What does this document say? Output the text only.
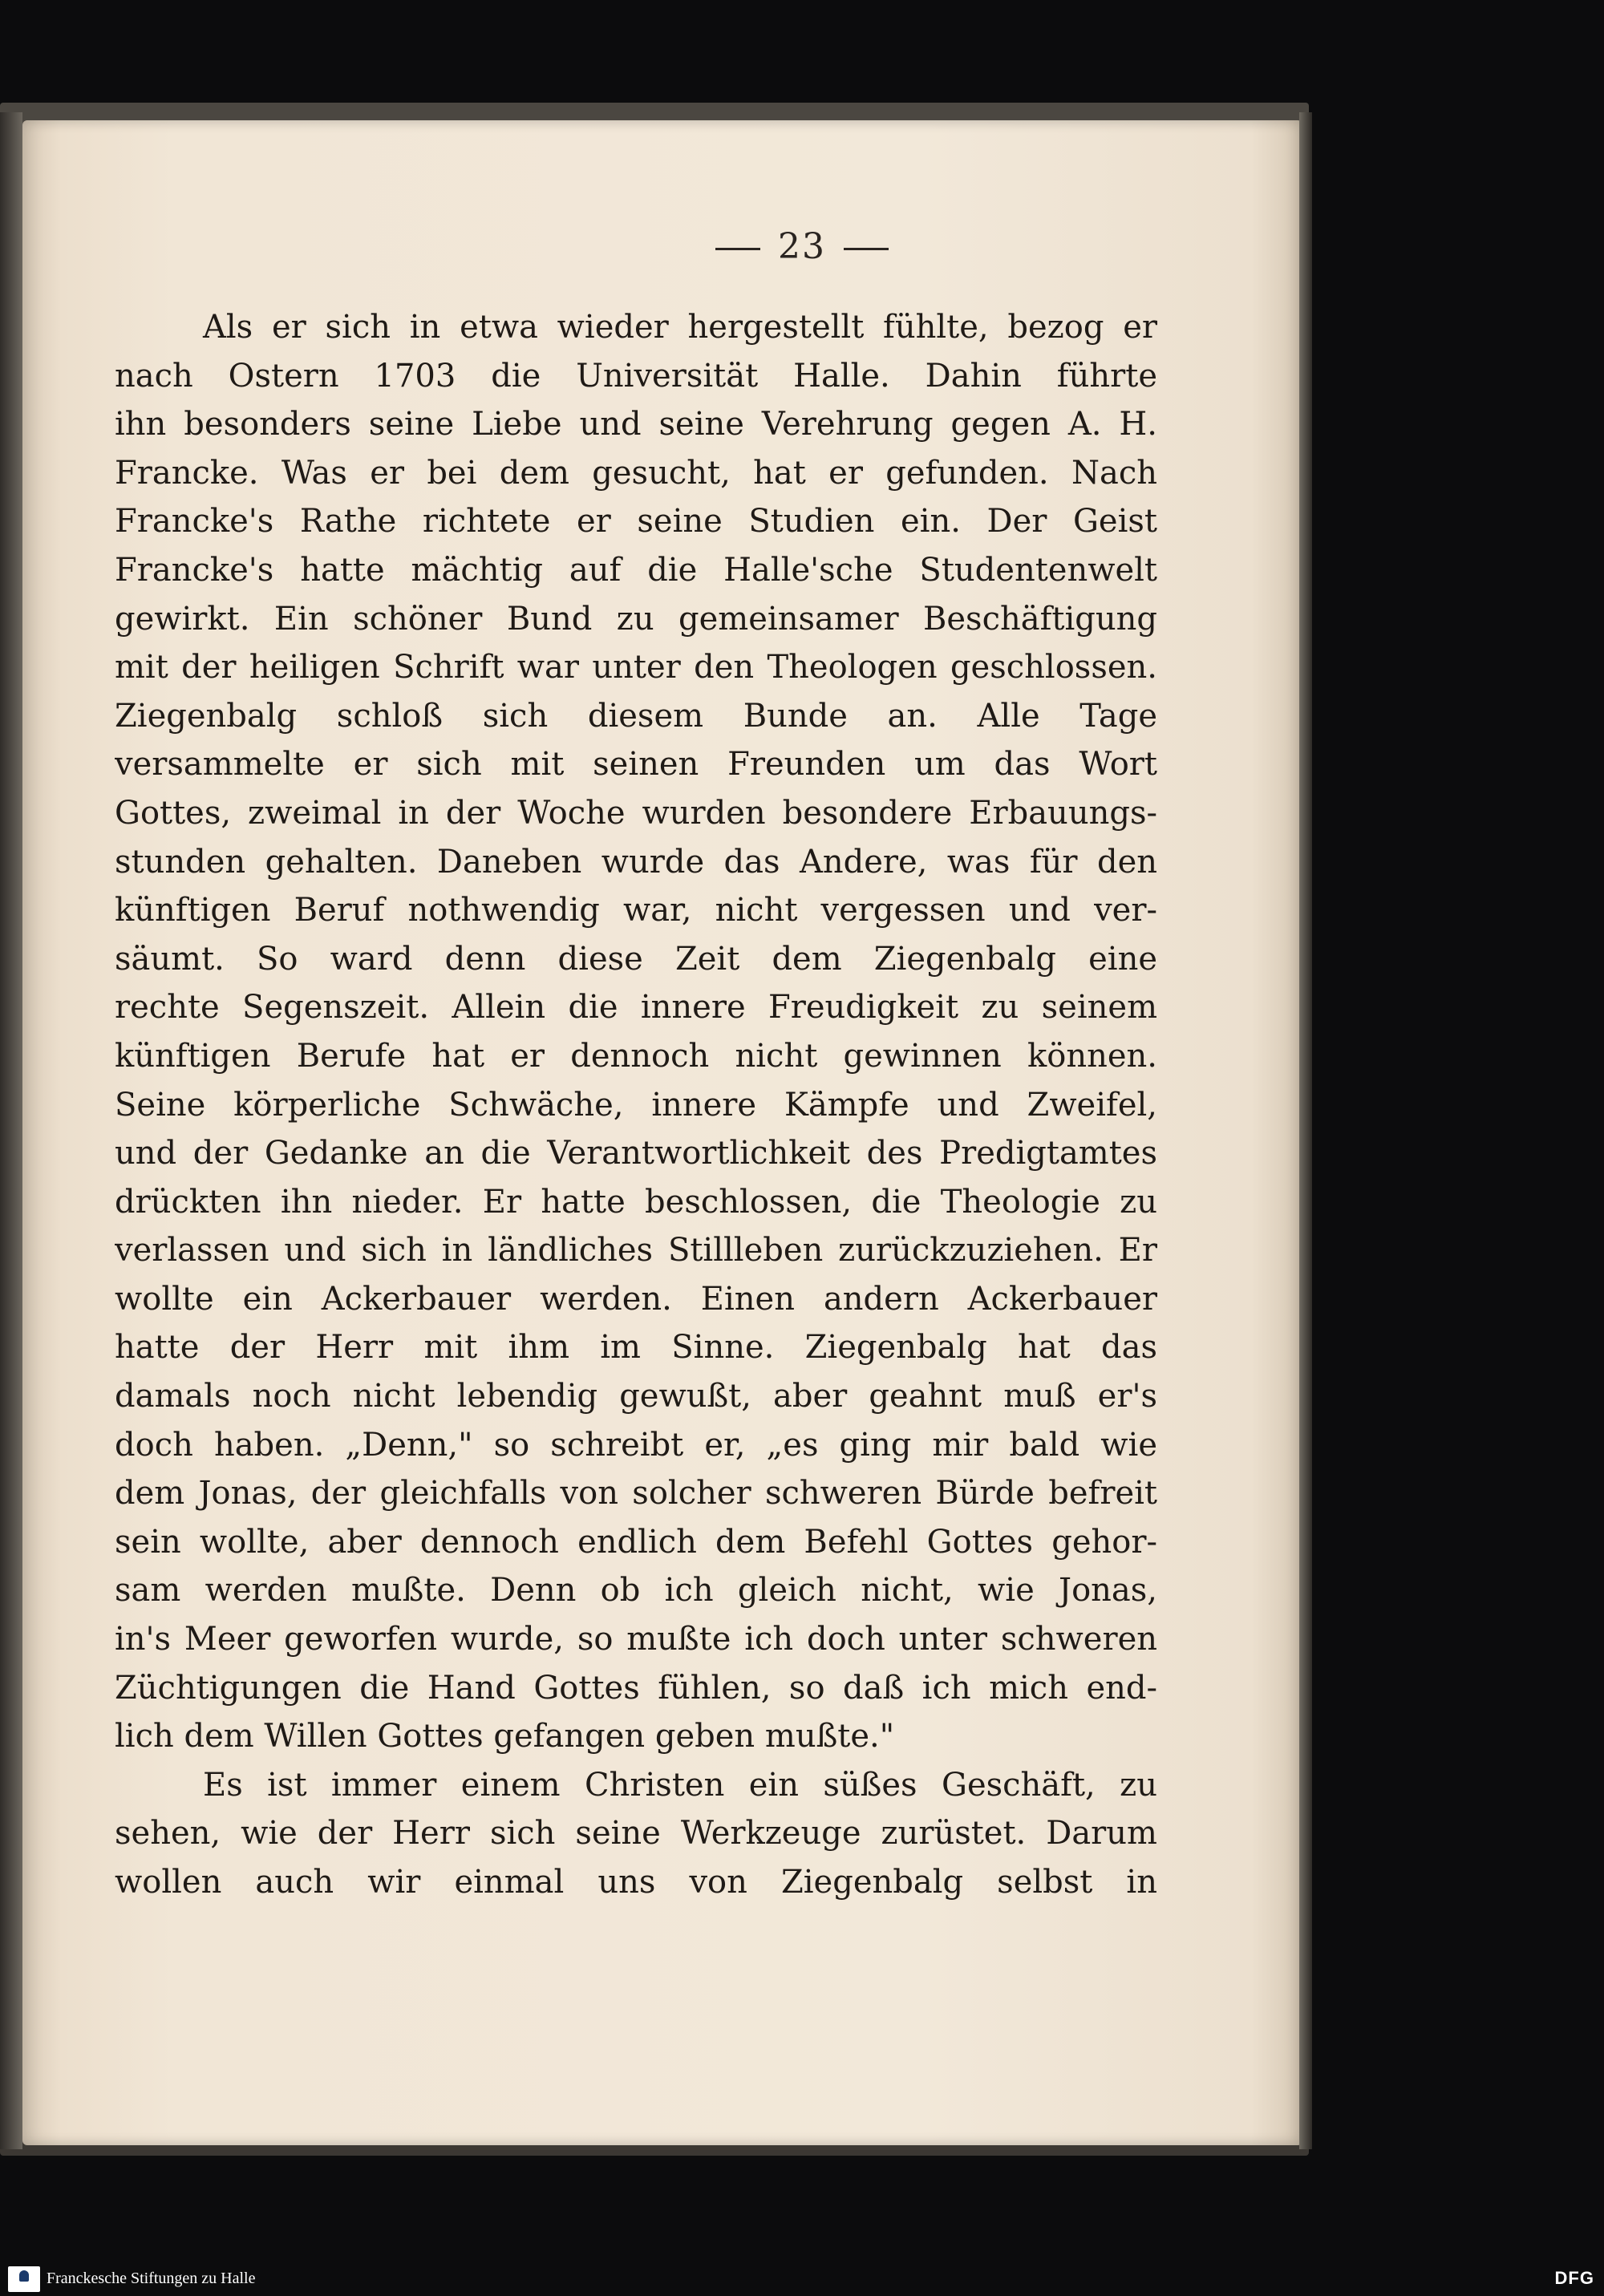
23
Als er sich in etwa wieder hergestellt fühlte, bezog er
nach Ostern 1703 die Universität Halle. Dahin führte
ihn besonders seine Liebe und seine Verehrung gegen A. H.
Francke. Was er bei dem gesucht, hat er gefunden. Nach
Francke's Rathe richtete er seine Studien ein. Der Geist
Francke's hatte mächtig auf die Halle'sche Studentenwelt
gewirkt. Ein schöner Bund zu gemeinsamer Beschäftigung
mit der heiligen Schrift war unter den Theologen geschlossen.
Ziegenbalg schloß sich diesem Bunde an. Alle Tage
versammelte er sich mit seinen Freunden um das Wort
Gottes, zweimal in der Woche wurden besondere Erbauungs-
stunden gehalten. Daneben wurde das Andere, was für den
künftigen Beruf nothwendig war, nicht vergessen und ver-
säumt. So ward denn diese Zeit dem Ziegenbalg eine
rechte Segenszeit. Allein die innere Freudigkeit zu seinem
künftigen Berufe hat er dennoch nicht gewinnen können.
Seine körperliche Schwäche, innere Kämpfe und Zweifel,
und der Gedanke an die Verantwortlichkeit des Predigtamtes
drückten ihn nieder. Er hatte beschlossen, die Theologie zu
verlassen und sich in ländliches Stillleben zurückzuziehen. Er
wollte ein Ackerbauer werden. Einen andern Ackerbauer
hatte der Herr mit ihm im Sinne. Ziegenbalg hat das
damals noch nicht lebendig gewußt, aber geahnt muß er's
doch haben. „Denn," so schreibt er, „es ging mir bald wie
dem Jonas, der gleichfalls von solcher schweren Bürde befreit
sein wollte, aber dennoch endlich dem Befehl Gottes gehor-
sam werden mußte. Denn ob ich gleich nicht, wie Jonas,
in's Meer geworfen wurde, so mußte ich doch unter schweren
Züchtigungen die Hand Gottes fühlen, so daß ich mich end-
lich dem Willen Gottes gefangen geben mußte."
Es ist immer einem Christen ein süßes Geschäft, zu
sehen, wie der Herr sich seine Werkzeuge zurüstet. Darum
wollen auch wir einmal uns von Ziegenbalg selbst in
Franckesche Stiftungen zu Halle	DFG
